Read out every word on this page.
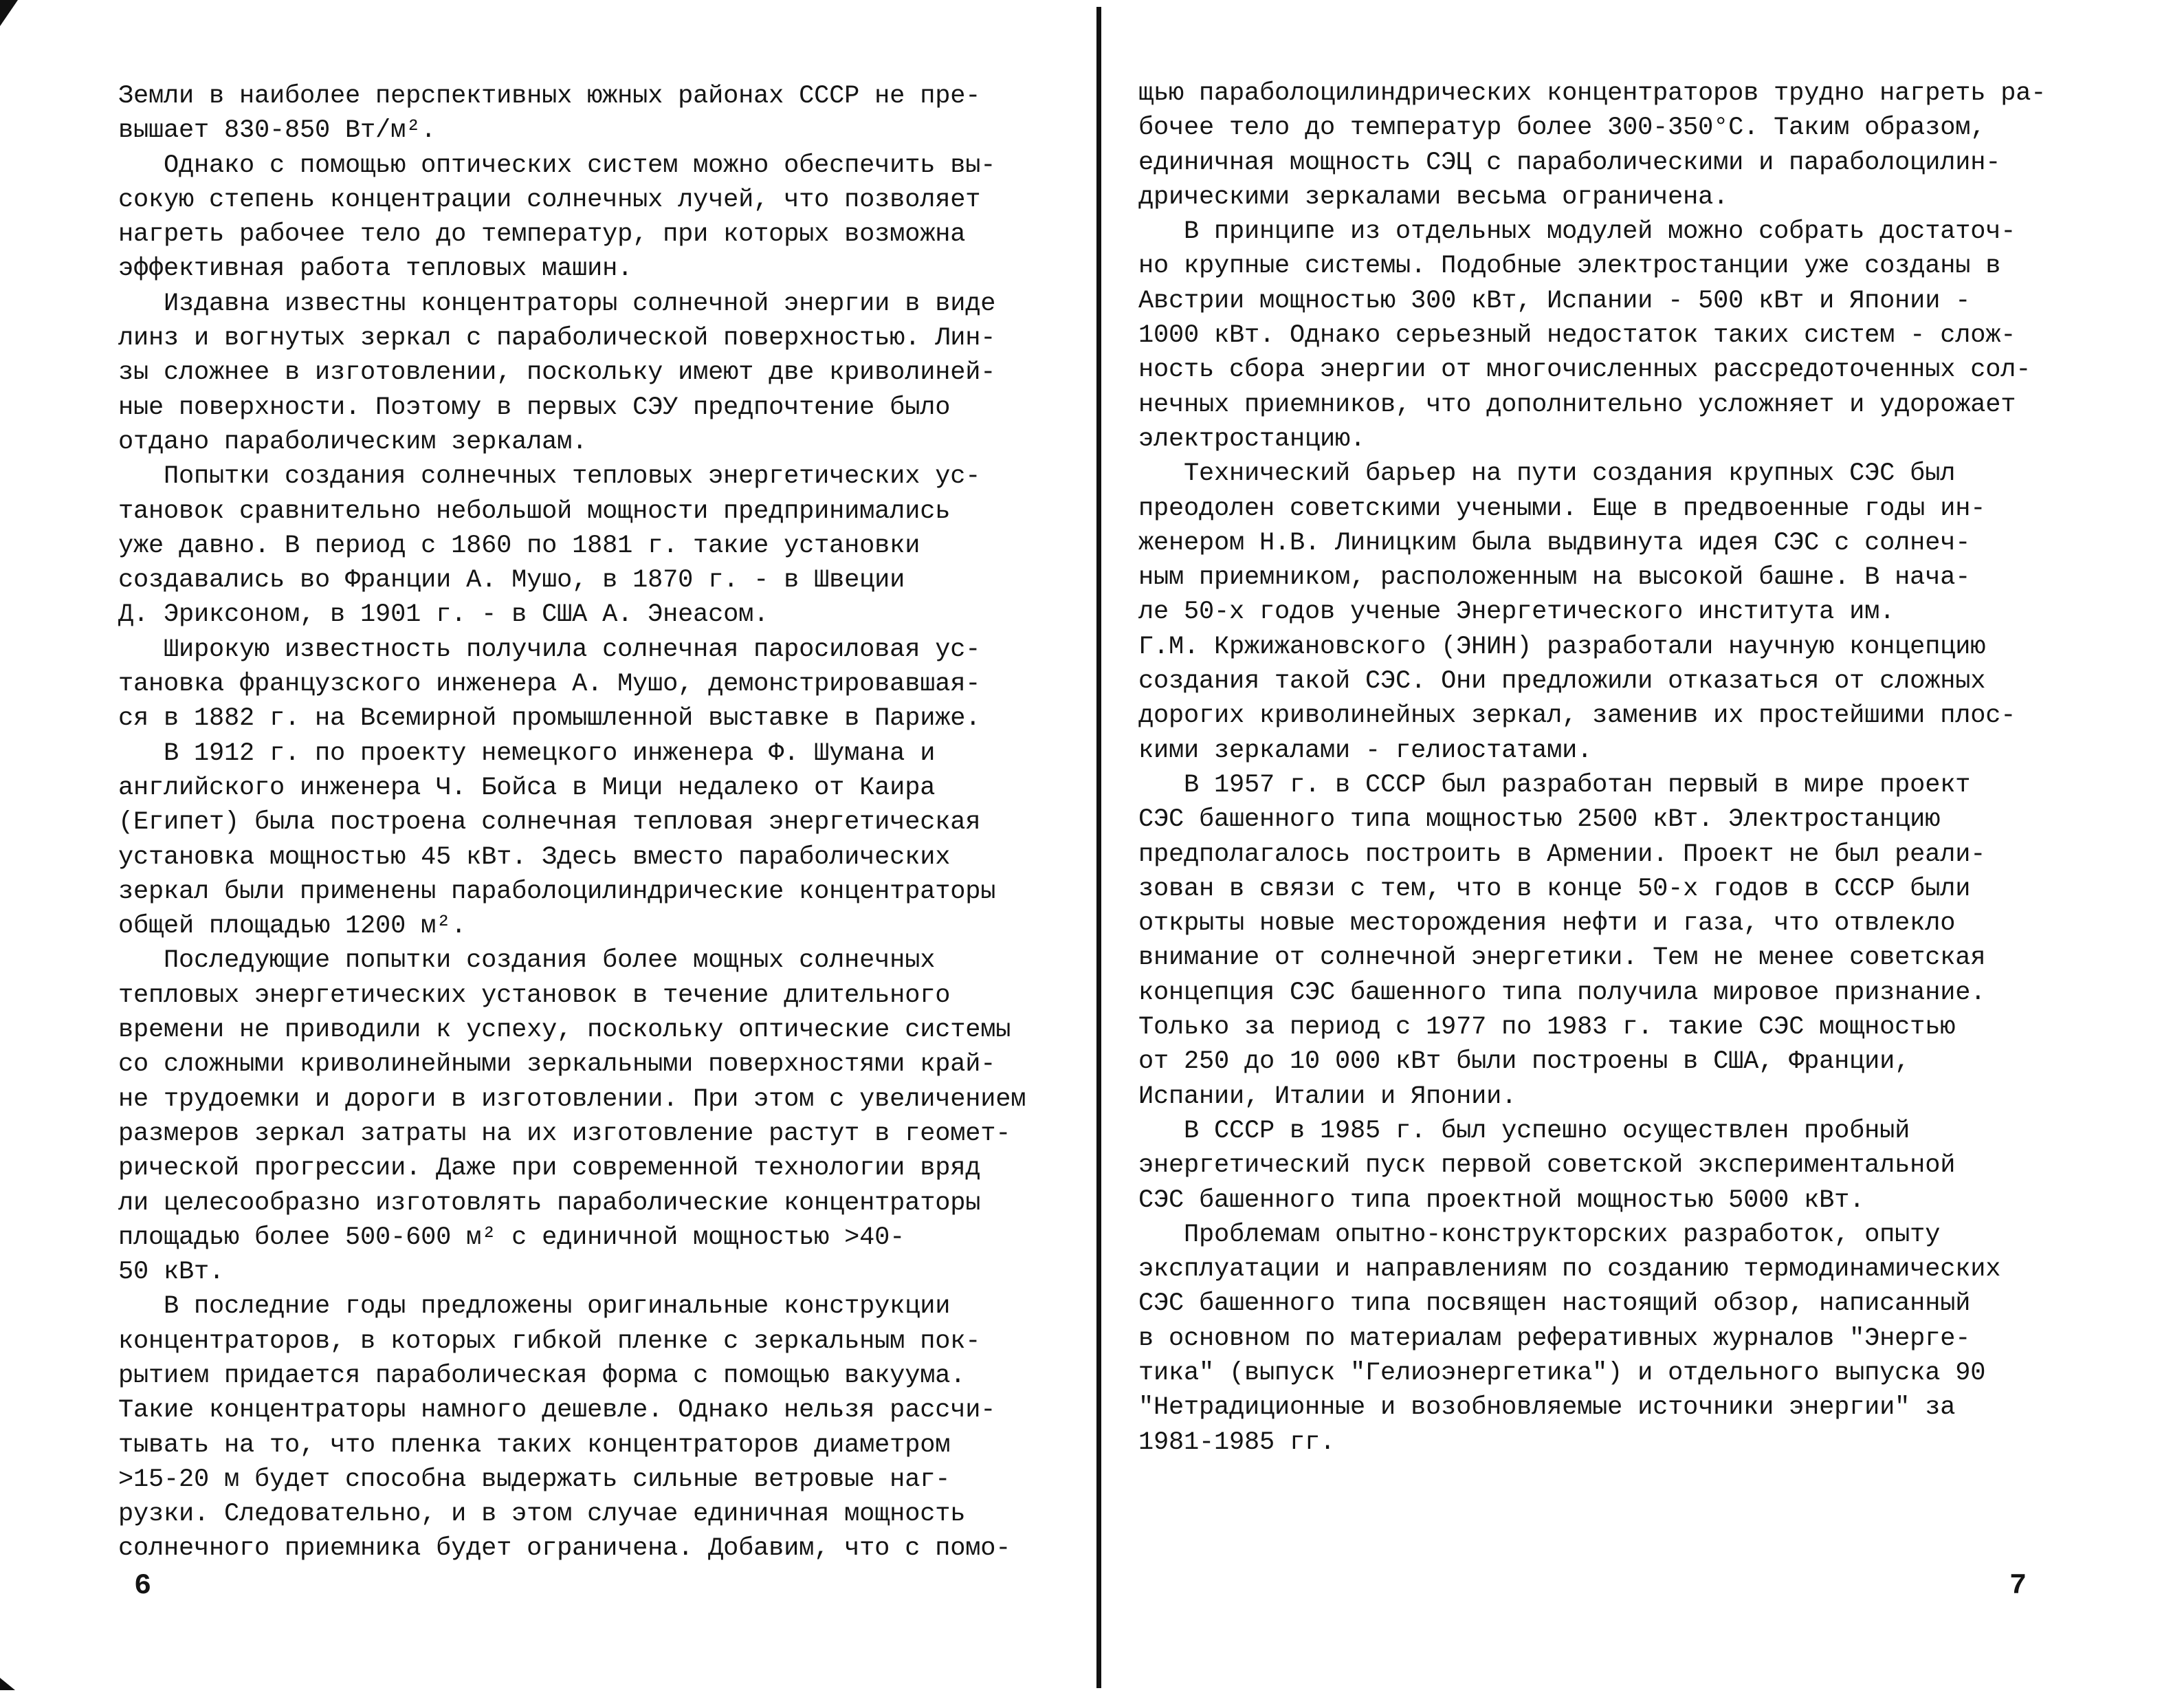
Земли в наиболее перспективных южных районах СССР не пре-
вышает 830-850 Вт/м².
Однако с помощью оптических систем можно обеспечить вы-
сокую степень концентрации солнечных лучей, что позволяет
нагреть рабочее тело до температур, при которых возможна
эффективная работа тепловых машин.
Издавна известны концентраторы солнечной энергии в виде
линз и вогнутых зеркал с параболической поверхностью. Лин-
зы сложнее в изготовлении, поскольку имеют две криволиней-
ные поверхности. Поэтому в первых СЭУ предпочтение было
отдано параболическим зеркалам.
Попытки создания солнечных тепловых энергетических ус-
тановок сравнительно небольшой мощности предпринимались
уже давно. В период с 1860 по 1881 г. такие установки
создавались во Франции А. Мушо, в 1870 г. - в Швеции
Д. Эриксоном, в 1901 г. - в США А. Энеасом.
Широкую известность получила солнечная паросиловая ус-
тановка французского инженера А. Мушо, демонстрировавшая-
ся в 1882 г. на Всемирной промышленной выставке в Париже.
В 1912 г. по проекту немецкого инженера Ф. Шумана и
английского инженера Ч. Бойса в Мици недалеко от Каира
(Египет) была построена солнечная тепловая энергетическая
установка мощностью 45 кВт. Здесь вместо параболических
зеркал были применены параболоцилиндрические концентраторы
общей площадью 1200 м².
Последующие попытки создания более мощных солнечных
тепловых энергетических установок в течение длительного
времени не приводили к успеху, поскольку оптические системы
со сложными криволинейными зеркальными поверхностями край-
не трудоемки и дороги в изготовлении. При этом с увеличением
размеров зеркал затраты на их изготовление растут в геомет-
рической прогрессии. Даже при современной технологии вряд
ли целесообразно изготовлять параболические концентраторы
площадью более 500-600 м² с единичной мощностью >40-
50 кВт.
В последние годы предложены оригинальные конструкции
концентраторов, в которых гибкой пленке с зеркальным пок-
рытием придается параболическая форма с помощью вакуума.
Такие концентраторы намного дешевле. Однако нельзя рассчи-
тывать на то, что пленка таких концентраторов диаметром
>15-20 м будет способна выдержать сильные ветровые наг-
рузки. Следовательно, и в этом случае единичная мощность
солнечного приемника будет ограничена. Добавим, что с помо-
6
щью параболоцилиндрических концентраторов трудно нагреть ра-
бочее тело до температур более 300-350°С. Таким образом,
единичная мощность СЭЦ с параболическими и параболоцилин-
дрическими зеркалами весьма ограничена.
В принципе из отдельных модулей можно собрать достаточ-
но крупные системы. Подобные электростанции уже созданы в
Австрии мощностью 300 кВт, Испании - 500 кВт и Японии -
1000 кВт. Однако серьезный недостаток таких систем - слож-
ность сбора энергии от многочисленных рассредоточенных сол-
нечных приемников, что дополнительно усложняет и удорожает
электростанцию.
Технический барьер на пути создания крупных СЭС был
преодолен советскими учеными. Еще в предвоенные годы ин-
женером Н.В. Линицким была выдвинута идея СЭС с солнеч-
ным приемником, расположенным на высокой башне. В нача-
ле 50-х годов ученые Энергетического института им.
Г.М. Кржижановского (ЭНИН) разработали научную концепцию
создания такой СЭС. Они предложили отказаться от сложных
дорогих криволинейных зеркал, заменив их простейшими плос-
кими зеркалами - гелиостатами.
В 1957 г. в СССР был разработан первый в мире проект
СЭС башенного типа мощностью 2500 кВт. Электростанцию
предполагалось построить в Армении. Проект не был реали-
зован в связи с тем, что в конце 50-х годов в СССР были
открыты новые месторождения нефти и газа, что отвлекло
внимание от солнечной энергетики. Тем не менее советская
концепция СЭС башенного типа получила мировое признание.
Только за период с 1977 по 1983 г. такие СЭС мощностью
от 250 до 10 000 кВт были построены в США, Франции,
Испании, Италии и Японии.
В СССР в 1985 г. был успешно осуществлен пробный
энергетический пуск первой советской экспериментальной
СЭС башенного типа проектной мощностью 5000 кВт.
Проблемам опытно-конструкторских разработок, опыту
эксплуатации и направлениям по созданию термодинамических
СЭС башенного типа посвящен настоящий обзор, написанный
в основном по материалам реферативных журналов "Энерге-
тика" (выпуск "Гелиоэнергетика") и отдельного выпуска 90
"Нетрадиционные и возобновляемые источники энергии" за
1981-1985 гг.
7
